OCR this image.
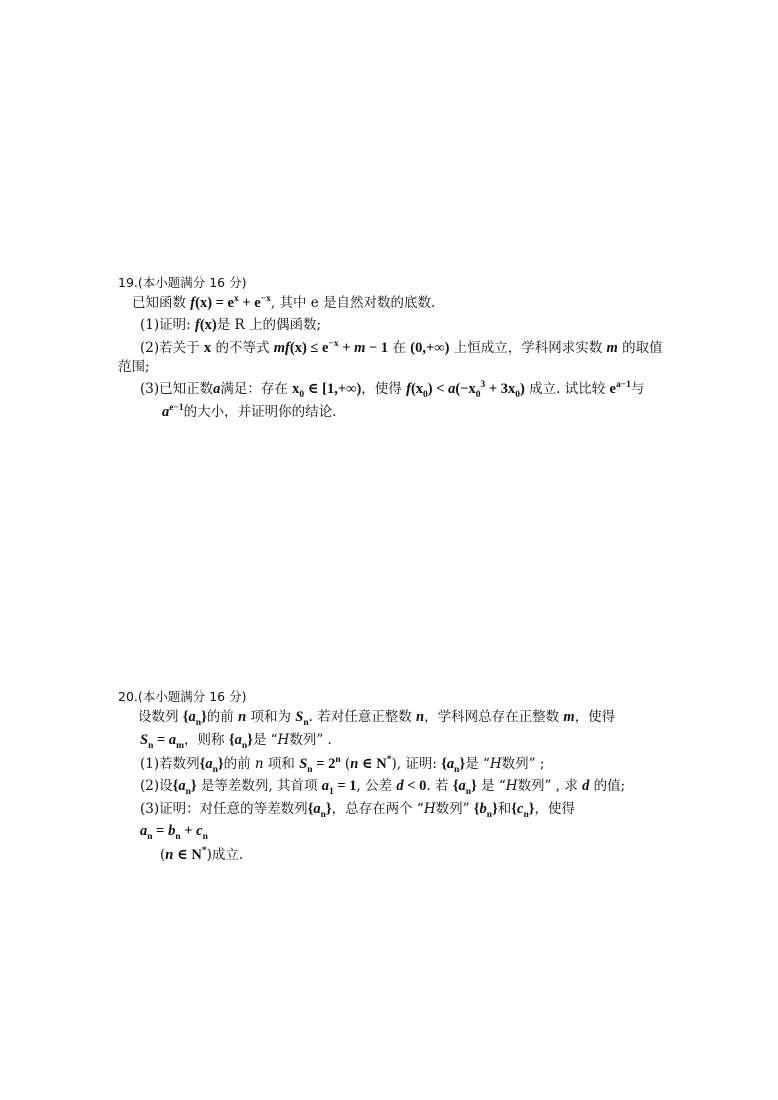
19.(本小题满分 16 分)
已知函数 $f(x) = e^x + e^{-x}$, 其中 e 是自然对数的底数.
(1)证明: f(x)是 R 上的偶函数;
(2)若关于 x 的不等式 $mf(x) \le e^{-x} + m - 1$ 在 (0,+∞) 上恒成立，学科网求实数 m 的取值
范围;
(3)已知正数a满足：存在 $x_0$ ∈ [1,+∞)，使得 $f(x_0) < a(-x_0^3 + 3x_0)$ 成立. 试比较 $e^{a-1}$与
$a^{e-1}$的大小，并证明你的结论.
20.(本小题满分 16 分)
设数列 $\{a_n\}$的前 n 项和为 $S_n$. 若对任意正整数 n，学科网总存在正整数 m，使得
$S_n = a_m$，则称 $\{a_n\}$是 “H数列” .
(1)若数列$\{a_n\}$的前 n 项和 $S_n = 2^n$ (n ∈ N*), 证明: $\{a_n\}$是 “H数列” ;
(2)设$\{a_n\}$ 是等差数列, 其首项 $a_1 = 1$, 公差 d < 0. 若 $\{a_n\}$ 是 “H数列” , 求 d 的值;
(3)证明：对任意的等差数列$\{a_n\}$，总存在两个 “H数列” $\{b_n\}$和$\{c_n\}$，使得
$a_n = b_n + c_n$
(n ∈ N*)成立.
